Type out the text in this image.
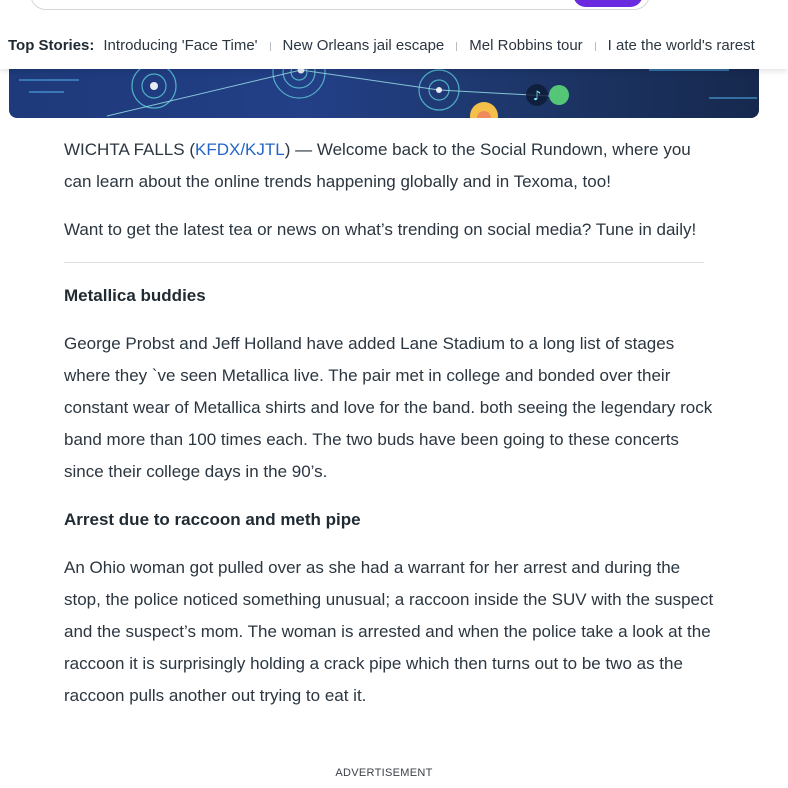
♪
Top Stories: Introducing 'Face Time' New Orleans jail escape Mel Robbins tour I ate the world's rarest

WICHTA FALLS (KFDX/KJTL) — Welcome back to the Social Rundown, where you can learn about the online trends happening globally and in Texoma, too!

Want to get the latest tea or news on what’s trending on social media? Tune in daily!

Metallica buddies

George Probst and Jeff Holland have added Lane Stadium to a long list of stages where they `ve seen Metallica live. The pair met in college and bonded over their constant wear of Metallica shirts and love for the band. both seeing the legendary rock band more than 100 times each. The two buds have been going to these concerts since their college days in the 90’s.

Arrest due to raccoon and meth pipe

An Ohio woman got pulled over as she had a warrant for her arrest and during the stop, the police noticed something unusual; a raccoon inside the SUV with the suspect and the suspect’s mom. The woman is arrested and when the police take a look at the raccoon it is surprisingly holding a crack pipe which then turns out to be two as the raccoon pulls another out trying to eat it.

ADVERTISEMENT
